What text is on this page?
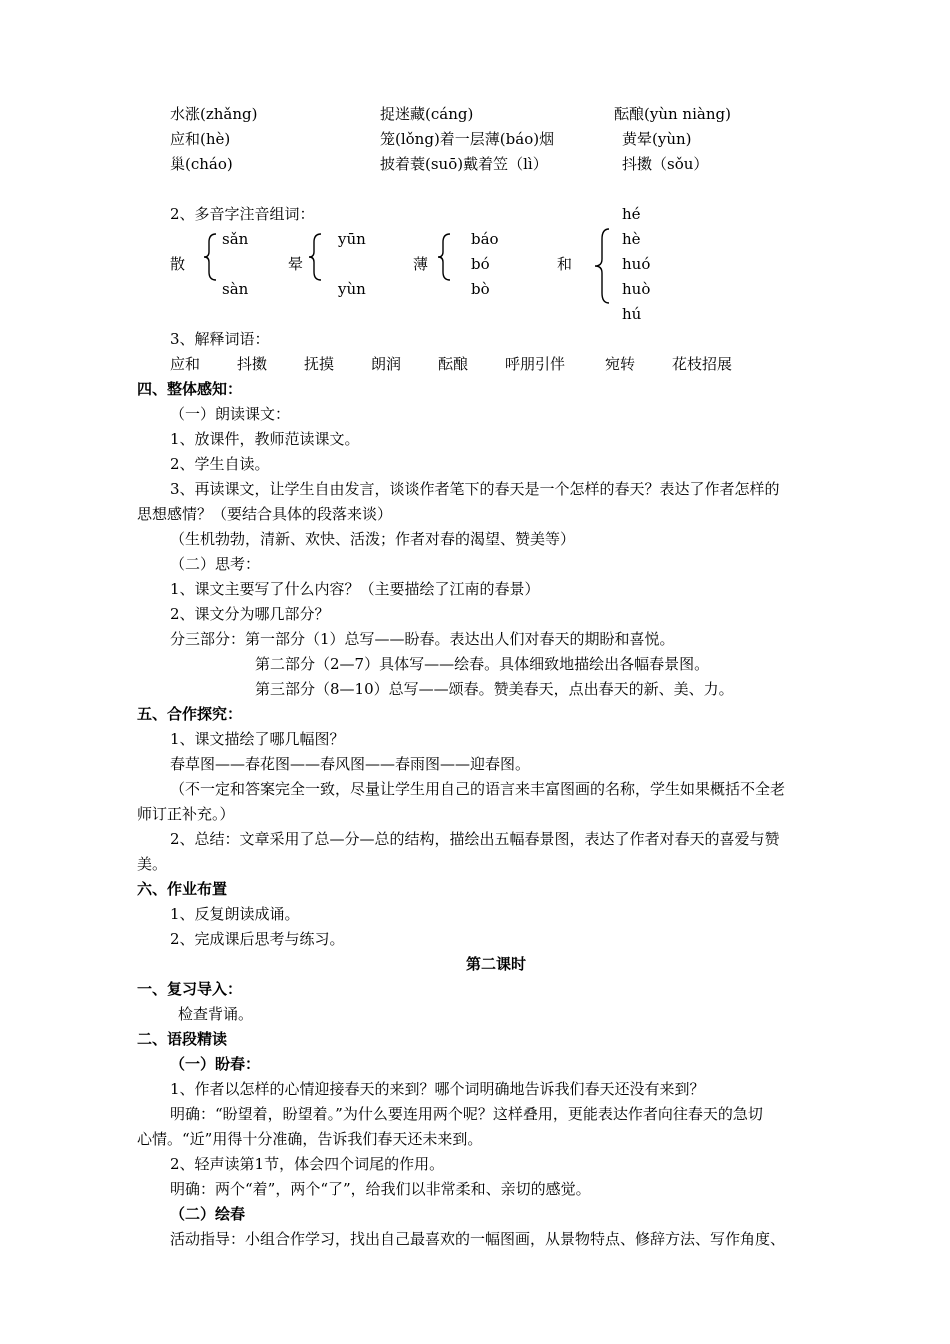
水涨(zhǎng)	捉迷藏(cáng)	酝酿(yùn niàng)
应和(hè)	笼(lǒng)着一层薄(báo)烟	黄晕(yùn)
巢(cháo)	披着蓑(suō)戴着笠（lì）	抖擞（sǒu）
2、多音字注音组词：
散
sǎn
sàn
晕
yūn
yùn
薄
báo
bó
bò
和
hé
hè
huó
huò
hú
3、解释词语：
应和 抖擞 抚摸 朗润 酝酿 呼朋引伴	宛转 花枝招展
四、整体感知：
（一）朗读课文：
1、放课件，教师范读课文。
2、学生自读。
3、再读课文，让学生自由发言，谈谈作者笔下的春天是一个怎样的春天？表达了作者怎样的
思想感情？（要结合具体的段落来谈）
（生机勃勃，清新、欢快、活泼；作者对春的渴望、赞美等）
（二）思考：
1、课文主要写了什么内容？（主要描绘了江南的春景）
2、课文分为哪几部分？
分三部分：第一部分（1）总写——盼春。表达出人们对春天的期盼和喜悦。
第二部分（2—7）具体写——绘春。具体细致地描绘出各幅春景图。
第三部分（8—10）总写——颂春。赞美春天，点出春天的新、美、力。
五、合作探究：
1、课文描绘了哪几幅图？
春草图——春花图——春风图——春雨图——迎春图。
（不一定和答案完全一致，尽量让学生用自己的语言来丰富图画的名称，学生如果概括不全老
师订正补充。）
2、总结：文章采用了总—分—总的结构，描绘出五幅春景图，表达了作者对春天的喜爱与赞
美。
六、作业布置
1、反复朗读成诵。
2、完成课后思考与练习。
第二课时
一、复习导入：
检查背诵。
二、语段精读
（一）盼春：
1、作者以怎样的心情迎接春天的来到？哪个词明确地告诉我们春天还没有来到？
明确：“盼望着，盼望着。”为什么要连用两个呢？这样叠用，更能表达作者向往春天的急切
心情。“近”用得十分准确，告诉我们春天还未来到。
2、轻声读第1节，体会四个词尾的作用。
明确：两个“着”，两个“了”，给我们以非常柔和、亲切的感觉。
（二）绘春
活动指导：小组合作学习，找出自己最喜欢的一幅图画，从景物特点、修辞方法、写作角度、
